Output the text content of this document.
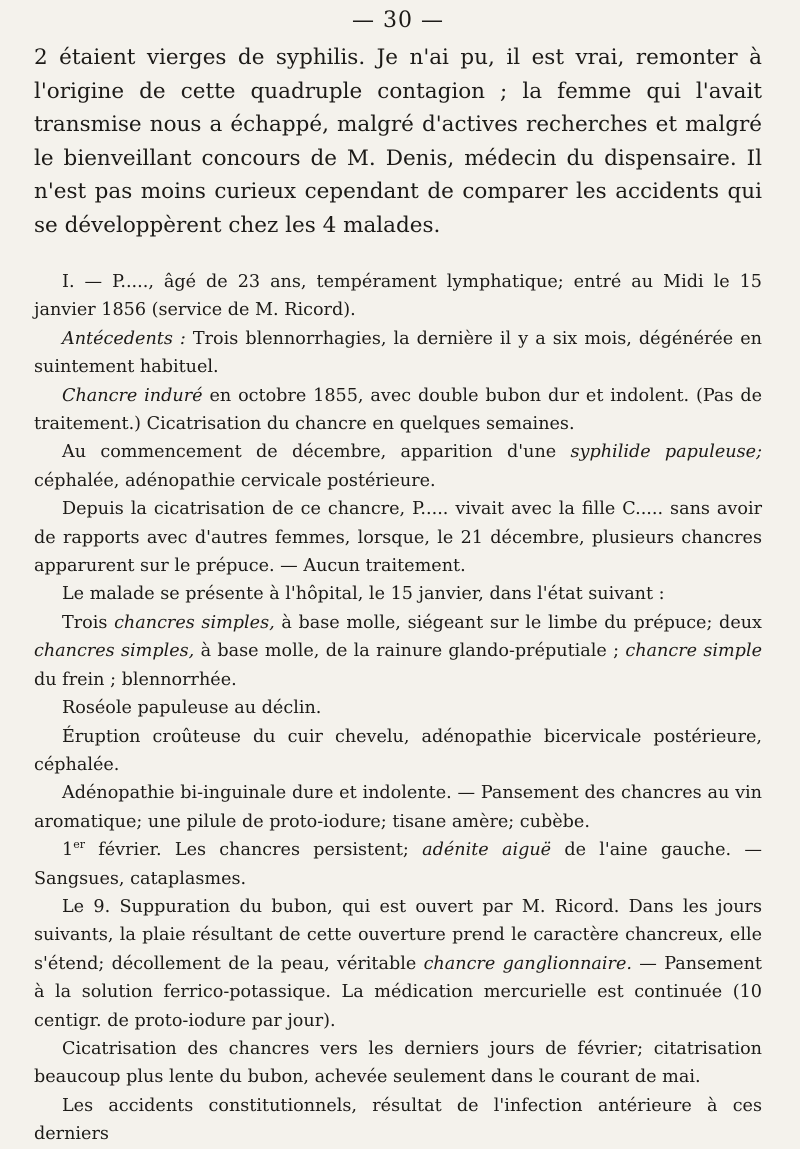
— 30 —

2 étaient vierges de syphilis. Je n'ai pu, il est vrai, remonter à l'origine de cette quadruple contagion ; la femme qui l'avait transmise nous a échappé, malgré d'actives recherches et malgré le bienveillant concours de M. Denis, médecin du dispensaire. Il n'est pas moins curieux cependant de comparer les accidents qui se développèrent chez les 4 malades.

I. — P....., âgé de 23 ans, tempérament lymphatique; entré au Midi le 15 janvier 1856 (service de M. Ricord).

Antécedents : Trois blennorrhagies, la dernière il y a six mois, dégénérée en suintement habituel.

Chancre induré en octobre 1855, avec double bubon dur et indolent. (Pas de traitement.) Cicatrisation du chancre en quelques semaines.

Au commencement de décembre, apparition d'une syphilide papuleuse; céphalée, adénopathie cervicale postérieure.

Depuis la cicatrisation de ce chancre, P..... vivait avec la fille C..... sans avoir de rapports avec d'autres femmes, lorsque, le 21 décembre, plusieurs chancres apparurent sur le prépuce. — Aucun traitement.

Le malade se présente à l'hôpital, le 15 janvier, dans l'état suivant :

Trois chancres simples, à base molle, siégeant sur le limbe du prépuce; deux chancres simples, à base molle, de la rainure glando-préputiale ; chancre simple du frein ; blennorrhée.

Roséole papuleuse au déclin.

Éruption croûteuse du cuir chevelu, adénopathie bicervicale postérieure, céphalée.

Adénopathie bi-inguinale dure et indolente. — Pansement des chancres au vin aromatique; une pilule de proto-iodure; tisane amère; cubèbe.

1er février. Les chancres persistent; adénite aiguë de l'aine gauche. — Sangsues, cataplasmes.

Le 9. Suppuration du bubon, qui est ouvert par M. Ricord. Dans les jours suivants, la plaie résultant de cette ouverture prend le caractère chancreux, elle s'étend; décollement de la peau, véritable chancre ganglionnaire. — Pansement à la solution ferrico-potassique. La médication mercurielle est continuée (10 centigr. de proto-iodure par jour).

Cicatrisation des chancres vers les derniers jours de février; citatrisation beaucoup plus lente du bubon, achevée seulement dans le courant de mai.

Les accidents constitutionnels, résultat de l'infection antérieure à ces derniers
